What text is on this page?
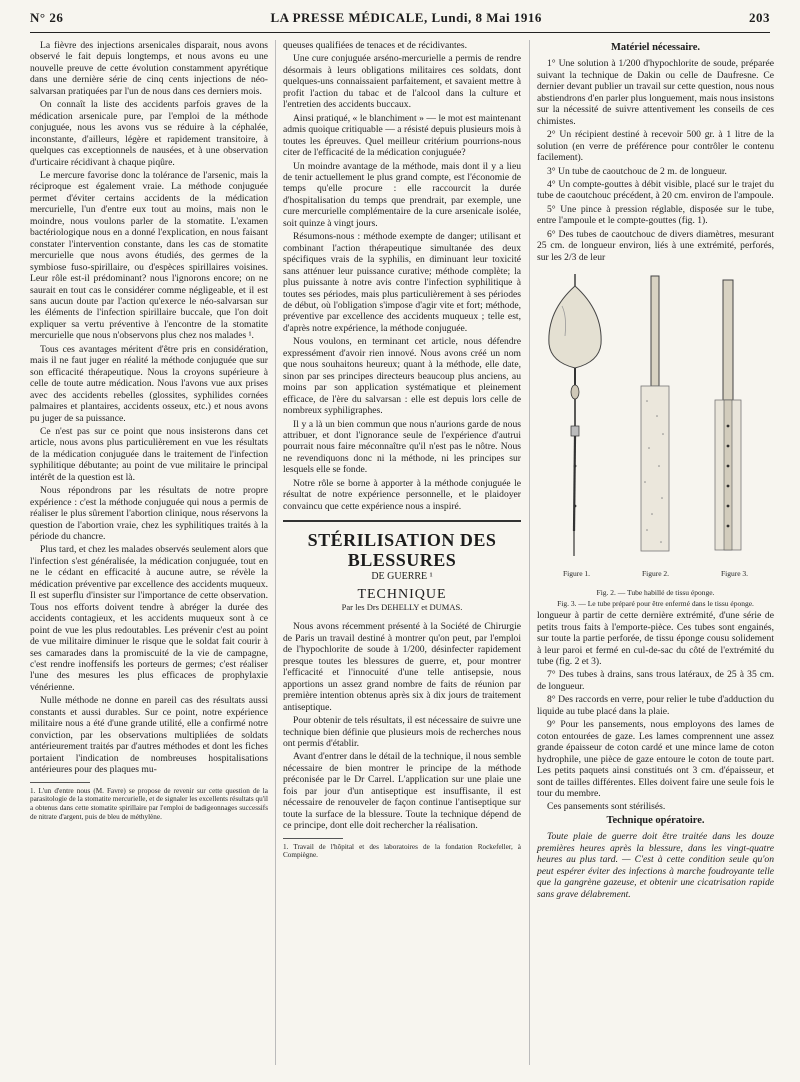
N° 26	LA PRESSE MÉDICALE, Lundi, 8 Mai 1916	203

La fièvre des injections arsenicales disparait, nous avons observé le fait depuis longtemps, et nous avons eu une nouvelle preuve de cette évolution constamment apyrétique dans une dernière série de cinq cents injections de néo-salvarsan pratiquées par l'un de nous dans ces derniers mois.

On connaît la liste des accidents parfois graves de la médication arsenicale pure, par l'emploi de la méthode conjuguée, nous les avons vus se réduire à la céphalée, inconstante, d'ailleurs, légère et rapidement transitoire, à quelques cas exceptionnels de nausées, et à une observation d'urticaire récidivant à chaque piqûre.

Le mercure favorise donc la tolérance de l'arsenic, mais la réciproque est également vraie. La méthode conjuguée permet d'éviter certains accidents de la médication mercurielle, l'un d'entre eux tout au moins, mais non le moindre, nous voulons parler de la stomatite. L'examen bactériologique nous en a donné l'explication, en nous faisant constater l'intervention constante, dans les cas de stomatite mercurielle que nous avons étudiés, des germes de la symbiose fuso-spirillaire, ou d'espèces spirillaires voisines. Leur rôle est-il prédominant? nous l'ignorons encore; on ne saurait en tout cas le considérer comme négligeable, et il est sans aucun doute par l'action qu'exerce le néo-salvarsan sur les éléments de l'infection spirillaire buccale, que l'on doit expliquer sa vertu préventive à l'encontre de la stomatite mercurielle que nous n'observons plus chez nos malades ¹.

Tous ces avantages méritent d'être pris en considération, mais il ne faut juger en réalité la méthode conjuguée que sur son efficacité thérapeutique. Nous la croyons supérieure à celle de toute autre médication. Nous l'avons vue aux prises avec des accidents rebelles (glossites, syphilides cornées palmaires et plantaires, accidents osseux, etc.) et nous avons pu juger de sa puissance.

Ce n'est pas sur ce point que nous insisterons dans cet article, nous avons plus particulièrement en vue les résultats de la médication conjuguée dans le traitement de l'infection syphilitique débutante; au point de vue militaire le principal intérêt de la question est là.

Nous répondrons par les résultats de notre propre expérience : c'est la méthode conjuguée qui nous a permis de réaliser le plus sûrement l'abortion clinique, nous réservons la question de l'abortion vraie, chez les syphilitiques traités à la période du chancre.

Plus tard, et chez les malades observés seulement alors que l'infection s'est généralisée, la médication conjuguée, tout en ne le cédant en efficacité à aucune autre, se révèle la médication préventive par excellence des accidents muqueux. Il est superflu d'insister sur l'importance de cette observation. Tous nos efforts doivent tendre à abréger la durée des accidents contagieux, et les accidents muqueux sont à ce point de vue les plus redoutables. Les prévenir c'est au point de vue militaire diminuer le risque que le soldat fait courir à ses camarades dans la promiscuité de la vie de campagne, c'est rendre inoffensifs les porteurs de germes; c'est réaliser l'une des mesures les plus efficaces de prophylaxie vénérienne.

Nulle méthode ne donne en pareil cas des résultats aussi constants et aussi durables. Sur ce point, notre expérience militaire nous a été d'une grande utilité, elle a confirmé notre conviction, par les observations multipliées de soldats antérieurement traités par d'autres méthodes et dont les fiches portaient l'indication de nombreuses hospitalisations antérieures pour des plaques mu-

1. L'un d'entre nous (M. Favre) se propose de revenir sur cette question de la parasitologie de la stomatite mercurielle, et de signaler les excellents résultats qu'il a obtenus dans cette stomatite spirillaire par l'emploi de badigeonnages successifs de nitrate d'argent, puis de bleu de méthylène.

queuses qualifiées de tenaces et de récidivantes.

Une cure conjuguée arséno-mercurielle a permis de rendre désormais à leurs obligations militaires ces soldats, dont quelques-uns connaissaient parfaitement, et savaient mettre à profit l'action du tabac et de l'alcool dans la culture et l'entretien des accidents buccaux.

Ainsi pratiqué, « le blanchiment » — le mot est maintenant admis quoique critiquable — a résisté depuis plusieurs mois à toutes les épreuves. Quel meilleur critérium pourrions-nous citer de l'efficacité de la médication conjuguée?

Un moindre avantage de la méthode, mais dont il y a lieu de tenir actuellement le plus grand compte, est l'économie de temps qu'elle procure : elle raccourcit la durée d'hospitalisation du temps que prendrait, par exemple, une cure mercurielle complémentaire de la cure arsenicale isolée, soit quinze à vingt jours.

Résumons-nous : méthode exempte de danger; utilisant et combinant l'action thérapeutique simultanée des deux spécifiques vrais de la syphilis, en diminuant leur toxicité sans atténuer leur puissance curative; méthode complète; la plus puissante à notre avis contre l'infection syphilitique à toutes ses périodes, mais plus particulièrement à ses périodes de début, où l'obligation s'impose d'agir vite et fort; méthode, préventive par excellence des accidents muqueux ; telle est, d'après notre expérience, la méthode conjuguée.

Nous voulons, en terminant cet article, nous défendre expressément d'avoir rien innové. Nous avons créé un nom que nous souhaitons heureux; quant à la méthode, elle date, sinon par ses principes directeurs beaucoup plus anciens, au moins par son application systématique et pleinement efficace, de l'ère du salvarsan : elle est depuis lors celle de nombreux syphiligraphes.

Il y a là un bien commun que nous n'aurions garde de nous attribuer, et dont l'ignorance seule de l'expérience d'autrui pourrait nous faire méconnaître qu'il n'est pas le nôtre. Nous ne revendiquons donc ni la méthode, ni les principes sur lesquels elle se fonde.

Notre rôle se borne à apporter à la méthode conjuguée le résultat de notre expérience personnelle, et le plaidoyer convaincu que cette expérience nous a inspiré.

STÉRILISATION DES BLESSURES
DE GUERRE ¹
TECHNIQUE
Par les Drs DEHELLY et DUMAS.

Nous avons récemment présenté à la Société de Chirurgie de Paris un travail destiné à montrer qu'on peut, par l'emploi de l'hypochlorite de soude à 1/200, désinfecter rapidement presque toutes les blessures de guerre, et, pour montrer l'efficacité et l'innocuité d'une telle antisepsie, nous apportions un assez grand nombre de faits de réunion par première intention obtenus après six à dix jours de traitement antiseptique.

Pour obtenir de tels résultats, il est nécessaire de suivre une technique bien définie que plusieurs mois de recherches nous ont permis d'établir.

Avant d'entrer dans le détail de la technique, il nous semble nécessaire de bien montrer le principe de la méthode préconisée par le Dr Carrel. L'application sur une plaie une fois par jour d'un antiseptique est insuffisante, il est nécessaire de renouveler de façon continue l'antiseptique sur toute la surface de la blessure. Toute la technique dépend de ce principe, dont elle doit rechercher la réalisation.

1. Travail de l'hôpital et des laboratoires de la fondation Rockefeller, à Compiègne.

Matériel nécessaire.

1° Une solution à 1/200 d'hypochlorite de soude, préparée suivant la technique de Dakin ou celle de Daufresne. Ce dernier devant publier un travail sur cette question, nous nous abstiendrons d'en parler plus longuement, mais nous insistons sur la nécessité de suivre attentivement les conseils de ces chimistes.

2° Un récipient destiné à recevoir 500 gr. à 1 litre de la solution (en verre de préférence pour contrôler le contenu facilement).

3° Un tube de caoutchouc de 2 m. de longueur.

4° Un compte-gouttes à débit visible, placé sur le trajet du tube de caoutchouc précédent, à 20 cm. environ de l'ampoule.

5° Une pince à pression réglable, disposée sur le tube, entre l'ampoule et le compte-gouttes (fig. 1).

6° Des tubes de caoutchouc de divers diamètres, mesurant 25 cm. de longueur environ, liés à une extrémité, perforés, sur les 2/3 de leur

Figure 1.	Figure 2.	Figure 3.

Fig. 2. — Tube habillé de tissu éponge.

Fig. 3. — Le tube préparé pour être enfermé dans le tissu éponge.

longueur à partir de cette dernière extrémité, d'une série de petits trous faits à l'emporte-pièce. Ces tubes sont engainés, sur toute la partie perforée, de tissu éponge cousu solidement à leur paroi et fermé en cul-de-sac du côté de l'extrémité du tube (fig. 2 et 3).

7° Des tubes à drains, sans trous latéraux, de 25 à 35 cm. de longueur.

8° Des raccords en verre, pour relier le tube d'adduction du liquide au tube placé dans la plaie.

9° Pour les pansements, nous employons des lames de coton entourées de gaze. Les lames comprennent une assez grande épaisseur de coton cardé et une mince lame de coton hydrophile, une pièce de gaze entoure le coton de toute part. Les petits paquets ainsi constitués ont 3 cm. d'épaisseur, et sont de tailles différentes. Elles doivent faire une seule fois le tour du membre.

Ces pansements sont stérilisés.

Technique opératoire.

Toute plaie de guerre doit être traitée dans les douze premières heures après la blessure, dans les vingt-quatre heures au plus tard. — C'est à cette condition seule qu'on peut espérer éviter des infections à marche foudroyante telle que la gangrène gazeuse, et obtenir une cicatrisation rapide sans grave délabrement.
